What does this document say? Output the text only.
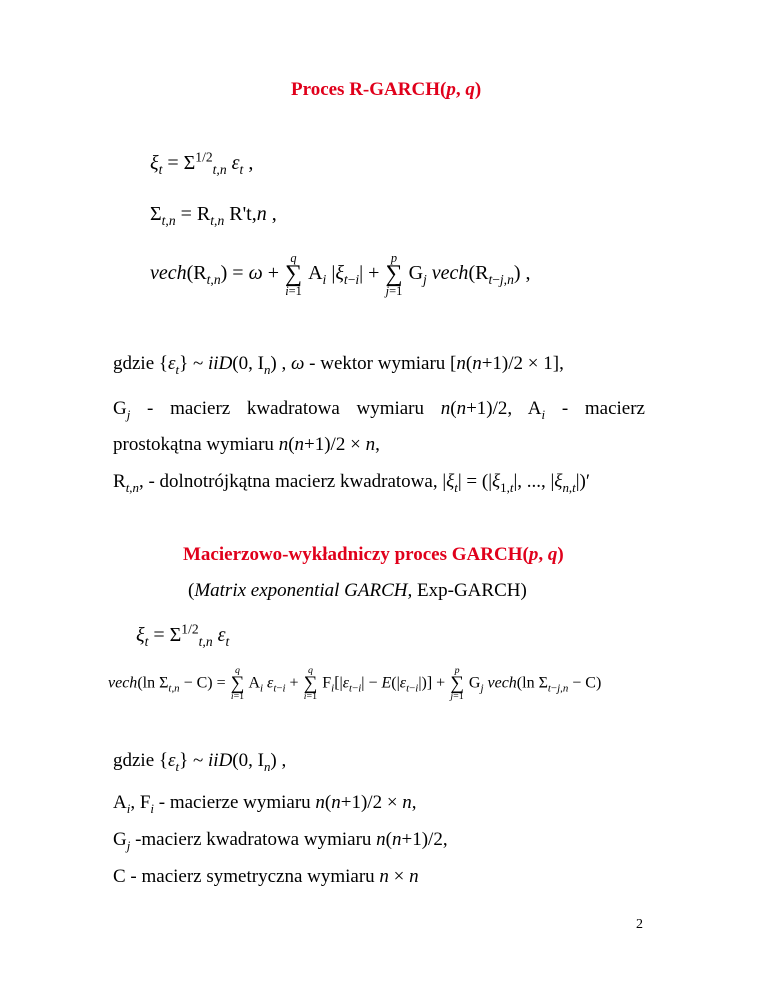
Proces R-GARCH(p, q)
$\xi_t = \Sigma^{1/2}_{t,n}$ $\varepsilon_t$ ,
$\Sigma_{t,n} = R_{t,n}$ R't,n ,
$vech(R_{t,n}) = \omega$ +
q
∑
i=1
$A_i$ $|\xi_{t-i}|$ +
p
∑
j=1
$G_j$ $vech(R_{t-j,n})$ ,
gdzie $\{\varepsilon_t\}$ ~ iiD(0, $I_n$) , ω - wektor wymiaru [n(n+1)/2 × 1],
$G_j$ - macierz kwadratowa wymiaru n(n+1)/2, $A_i$ - macierz
prostokątna wymiaru n(n+1)/2 × n,
$R_{t,n}$, - dolnotrójkątna macierz kwadratowa, $|\xi_t| = (|\xi_{1,t}|$, ..., $|\xi_{n,t}|)'$
Macierzowo-wykładniczy proces GARCH(p, q)
(Matrix exponential GARCH, Exp-GARCH)
$\xi_t = \Sigma^{1/2}_{t,n}$ $\varepsilon_t$
vech(ln $\Sigma_{t,n} - C$) =
q
∑
i=1
$A_i$ $\varepsilon_{t-i}$ +
q
∑
i=1
$F_i[|\varepsilon_{t-i}| - E(|\varepsilon_{t-i}|)]$ +
p
∑
j=1
$G_j$ vech(ln $\Sigma_{t-j,n} - C$)
gdzie $\{\varepsilon_t\}$ ~ iiD(0, $I_n$) ,
$A_i$, $F_i$ - macierze wymiaru n(n+1)/2 × n,
$G_j$ -macierz kwadratowa wymiaru n(n+1)/2,
C - macierz symetryczna wymiaru n × n
2
